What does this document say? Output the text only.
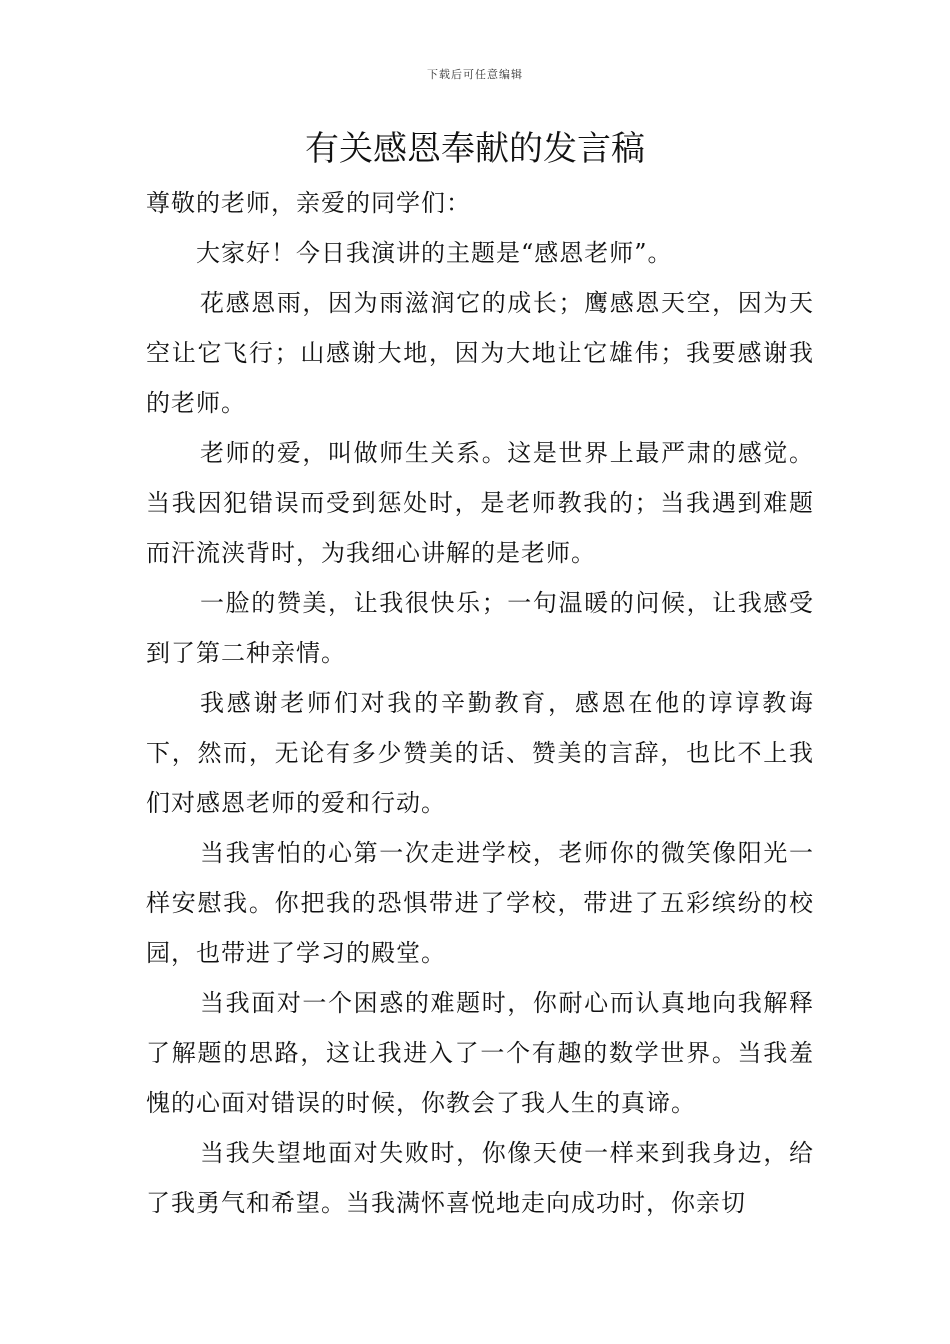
下载后可任意编辑
有关感恩奉献的发言稿

尊敬的老师，亲爱的同学们：

大家好！今日我演讲的主题是“感恩老师”。

花感恩雨，因为雨滋润它的成长；鹰感恩天空，因为天空让它飞行；山感谢大地，因为大地让它雄伟；我要感谢我的老师。

老师的爱，叫做师生关系。这是世界上最严肃的感觉。当我因犯错误而受到惩处时，是老师教我的；当我遇到难题而汗流浃背时，为我细心讲解的是老师。

一脸的赞美，让我很快乐；一句温暖的问候，让我感受到了第二种亲情。

我感谢老师们对我的辛勤教育，感恩在他的谆谆教诲下，然而，无论有多少赞美的话、赞美的言辞，也比不上我们对感恩老师的爱和行动。

当我害怕的心第一次走进学校，老师你的微笑像阳光一样安慰我。你把我的恐惧带进了学校，带进了五彩缤纷的校园，也带进了学习的殿堂。

当我面对一个困惑的难题时，你耐心而认真地向我解释了解题的思路，这让我进入了一个有趣的数学世界。当我羞愧的心面对错误的时候，你教会了我人生的真谛。

当我失望地面对失败时，你像天使一样来到我身边，给了我勇气和希望。当我满怀喜悦地走向成功时，你亲切
